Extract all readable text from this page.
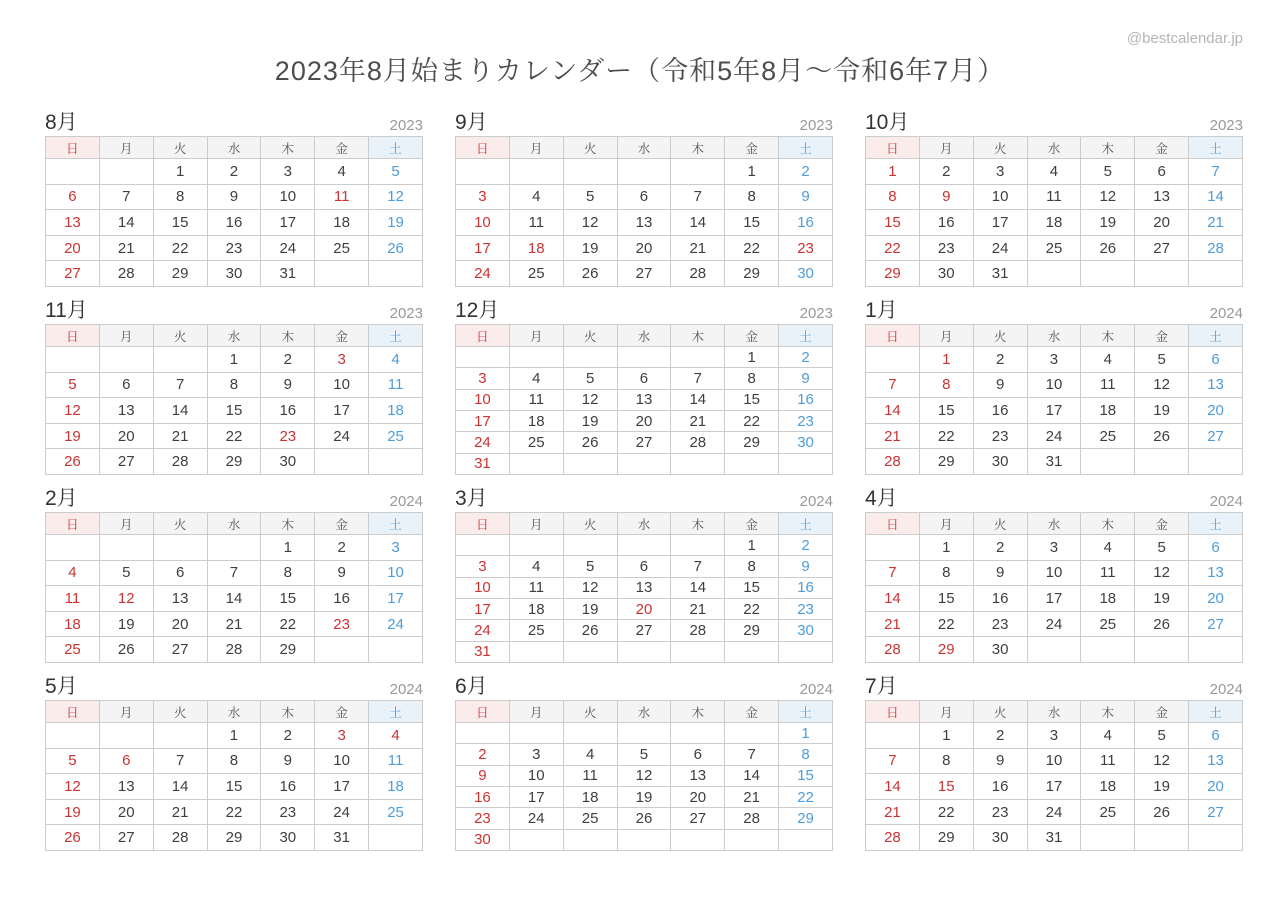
@bestcalendar.jp
2023年8月始まりカレンダー（令和5年8月～令和6年7月）
8月	2023
日	月	火	水	木	金	土
		1	2	3	4	5
6	7	8	9	10	11	12
13	14	15	16	17	18	19
20	21	22	23	24	25	26
27	28	29	30	31		
9月	2023
日	月	火	水	木	金	土
					1	2
3	4	5	6	7	8	9
10	11	12	13	14	15	16
17	18	19	20	21	22	23
24	25	26	27	28	29	30
10月	2023
日	月	火	水	木	金	土
1	2	3	4	5	6	7
8	9	10	11	12	13	14
15	16	17	18	19	20	21
22	23	24	25	26	27	28
29	30	31				
11月	2023
日	月	火	水	木	金	土
			1	2	3	4
5	6	7	8	9	10	11
12	13	14	15	16	17	18
19	20	21	22	23	24	25
26	27	28	29	30		
12月	2023
日	月	火	水	木	金	土
					1	2
3	4	5	6	7	8	9
10	11	12	13	14	15	16
17	18	19	20	21	22	23
24	25	26	27	28	29	30
31						
1月	2024
日	月	火	水	木	金	土
	1	2	3	4	5	6
7	8	9	10	11	12	13
14	15	16	17	18	19	20
21	22	23	24	25	26	27
28	29	30	31			
2月	2024
日	月	火	水	木	金	土
				1	2	3
4	5	6	7	8	9	10
11	12	13	14	15	16	17
18	19	20	21	22	23	24
25	26	27	28	29		
3月	2024
日	月	火	水	木	金	土
					1	2
3	4	5	6	7	8	9
10	11	12	13	14	15	16
17	18	19	20	21	22	23
24	25	26	27	28	29	30
31						
4月	2024
日	月	火	水	木	金	土
	1	2	3	4	5	6
7	8	9	10	11	12	13
14	15	16	17	18	19	20
21	22	23	24	25	26	27
28	29	30				
5月	2024
日	月	火	水	木	金	土
			1	2	3	4
5	6	7	8	9	10	11
12	13	14	15	16	17	18
19	20	21	22	23	24	25
26	27	28	29	30	31	
6月	2024
日	月	火	水	木	金	土
						1
2	3	4	5	6	7	8
9	10	11	12	13	14	15
16	17	18	19	20	21	22
23	24	25	26	27	28	29
30						
7月	2024
日	月	火	水	木	金	土
	1	2	3	4	5	6
7	8	9	10	11	12	13
14	15	16	17	18	19	20
21	22	23	24	25	26	27
28	29	30	31			
